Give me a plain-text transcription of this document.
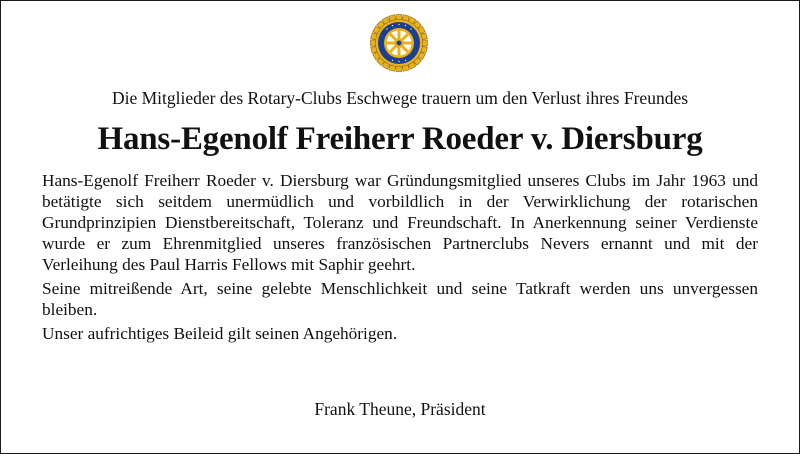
Die Mitglieder des Rotary-Clubs Eschwege trauern um den Verlust ihres Freundes
Hans-Egenolf Freiherr Roeder v. Diersburg

Hans-Egenolf Freiherr Roeder v. Diersburg war Gründungsmitglied unseres Clubs im Jahr 1963 und betätigte sich seitdem unermüdlich und vorbildlich in der Verwirklichung der rotarischen Grundprinzipien Dienstbereitschaft, Toleranz und Freundschaft. In Anerkennung seiner Verdienste wurde er zum Ehrenmitglied unseres französischen Partnerclubs Nevers ernannt und mit der Verleihung des Paul Harris Fellows mit Saphir geehrt.

Seine mitreißende Art, seine gelebte Menschlichkeit und seine Tatkraft werden uns unvergessen bleiben.

Unser aufrichtiges Beileid gilt seinen Angehörigen.

Frank Theune, Präsident
